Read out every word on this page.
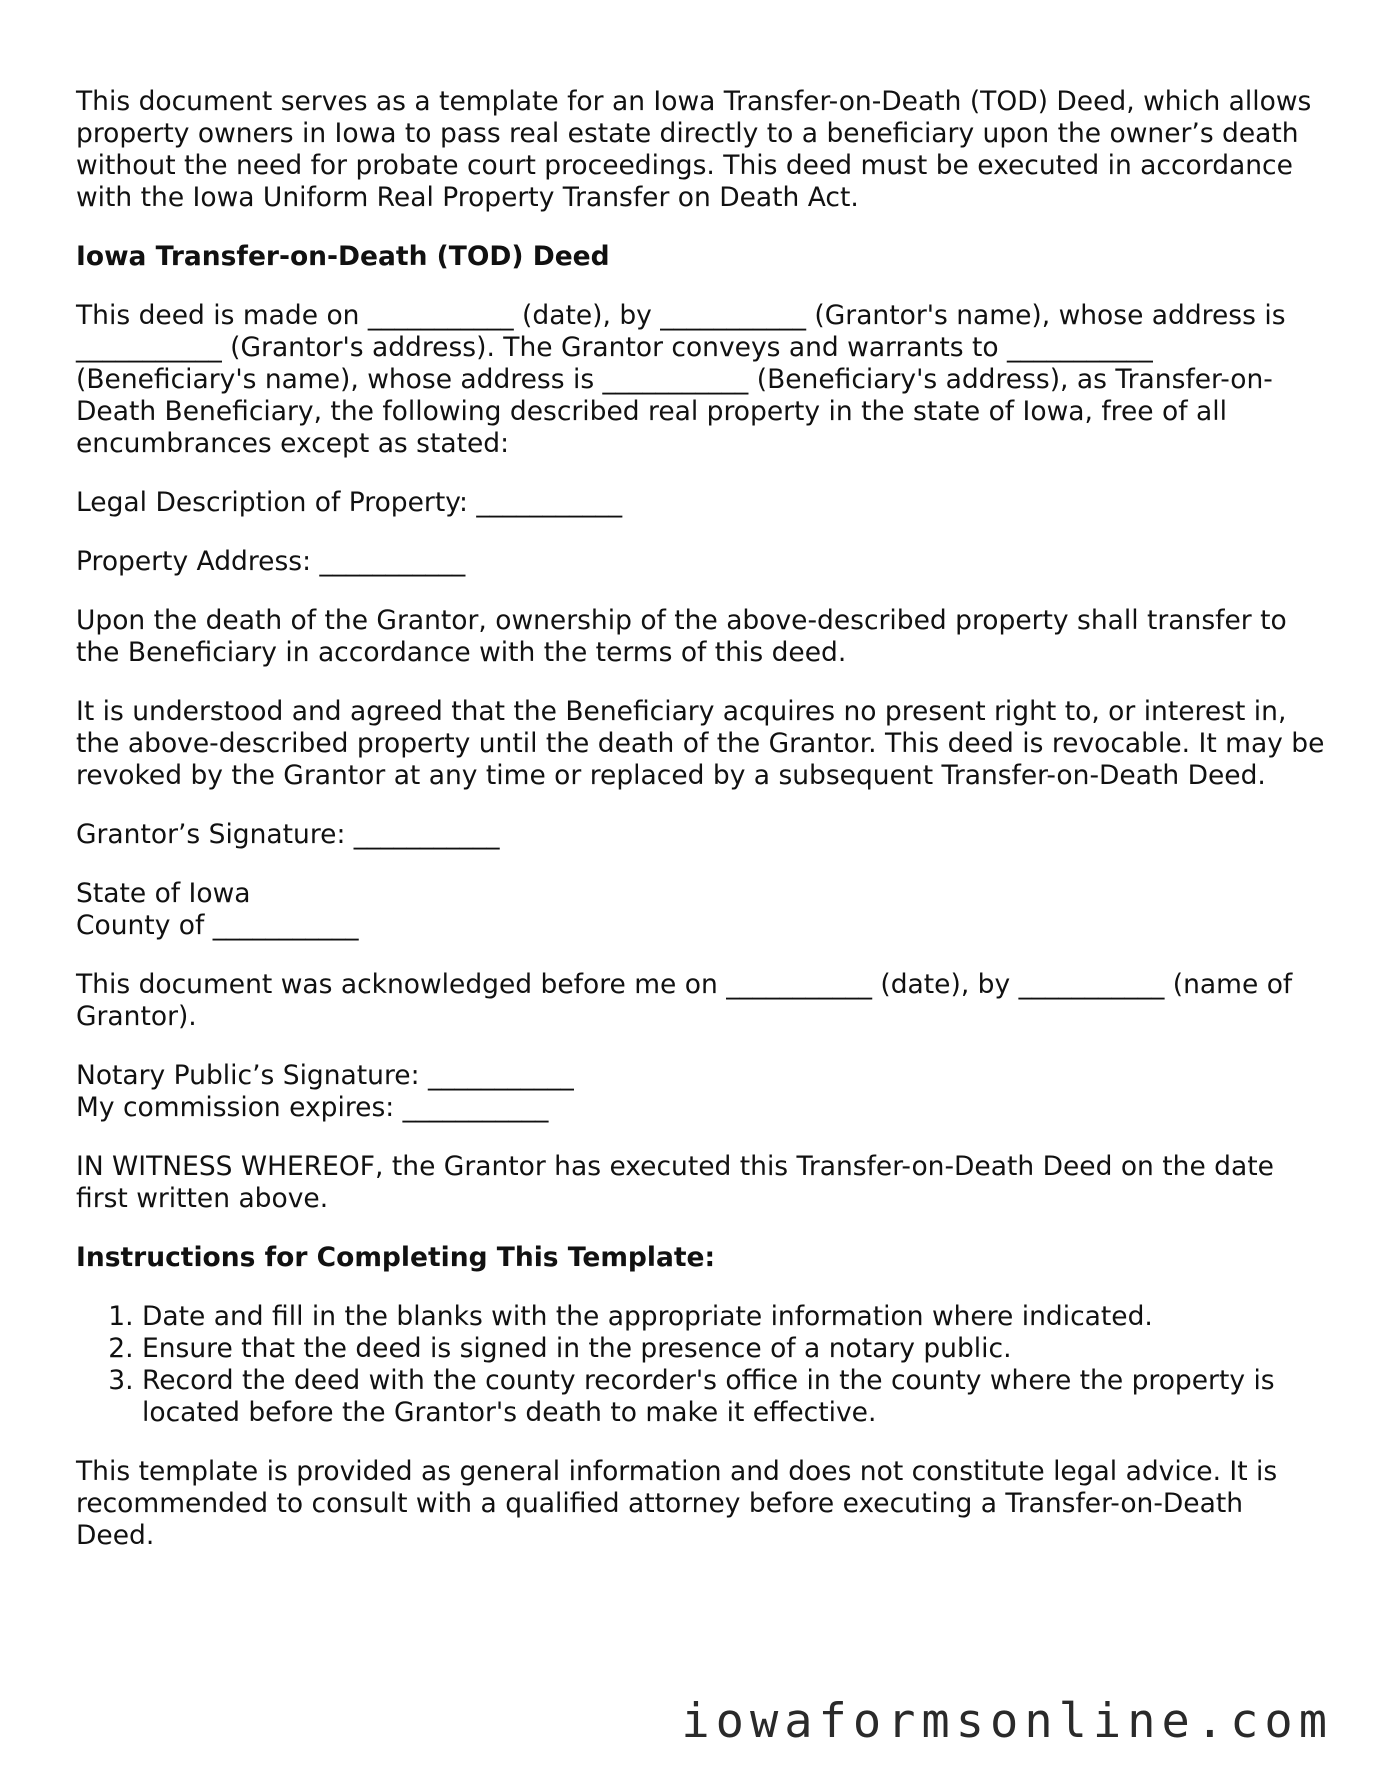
This document serves as a template for an Iowa Transfer-on-Death (TOD) Deed, which allows property owners in Iowa to pass real estate directly to a beneficiary upon the owner’s death without the need for probate court proceedings. This deed must be executed in accordance with the Iowa Uniform Real Property Transfer on Death Act.

Iowa Transfer-on-Death (TOD) Deed

This deed is made on ___________ (date), by ___________ (Grantor's name), whose address is ___________ (Grantor's address). The Grantor conveys and warrants to ___________ (Beneficiary's name), whose address is ___________ (Beneficiary's address), as Transfer-on-Death Beneficiary, the following described real property in the state of Iowa, free of all encumbrances except as stated:

Legal Description of Property: ___________

Property Address: ___________

Upon the death of the Grantor, ownership of the above-described property shall transfer to the Beneficiary in accordance with the terms of this deed.

It is understood and agreed that the Beneficiary acquires no present right to, or interest in, the above-described property until the death of the Grantor. This deed is revocable. It may be revoked by the Grantor at any time or replaced by a subsequent Transfer-on-Death Deed.

Grantor’s Signature: ___________

State of Iowa
County of ___________

This document was acknowledged before me on ___________ (date), by ___________ (name of Grantor).

Notary Public’s Signature: ___________
My commission expires: ___________

IN WITNESS WHEREOF, the Grantor has executed this Transfer-on-Death Deed on the date first written above.

Instructions for Completing This Template:
1. Date and fill in the blanks with the appropriate information where indicated.
2. Ensure that the deed is signed in the presence of a notary public.
3. Record the deed with the county recorder's office in the county where the property is located before the Grantor's death to make it effective.

This template is provided as general information and does not constitute legal advice. It is recommended to consult with a qualified attorney before executing a Transfer-on-Death Deed.

iowaformsonline.com
